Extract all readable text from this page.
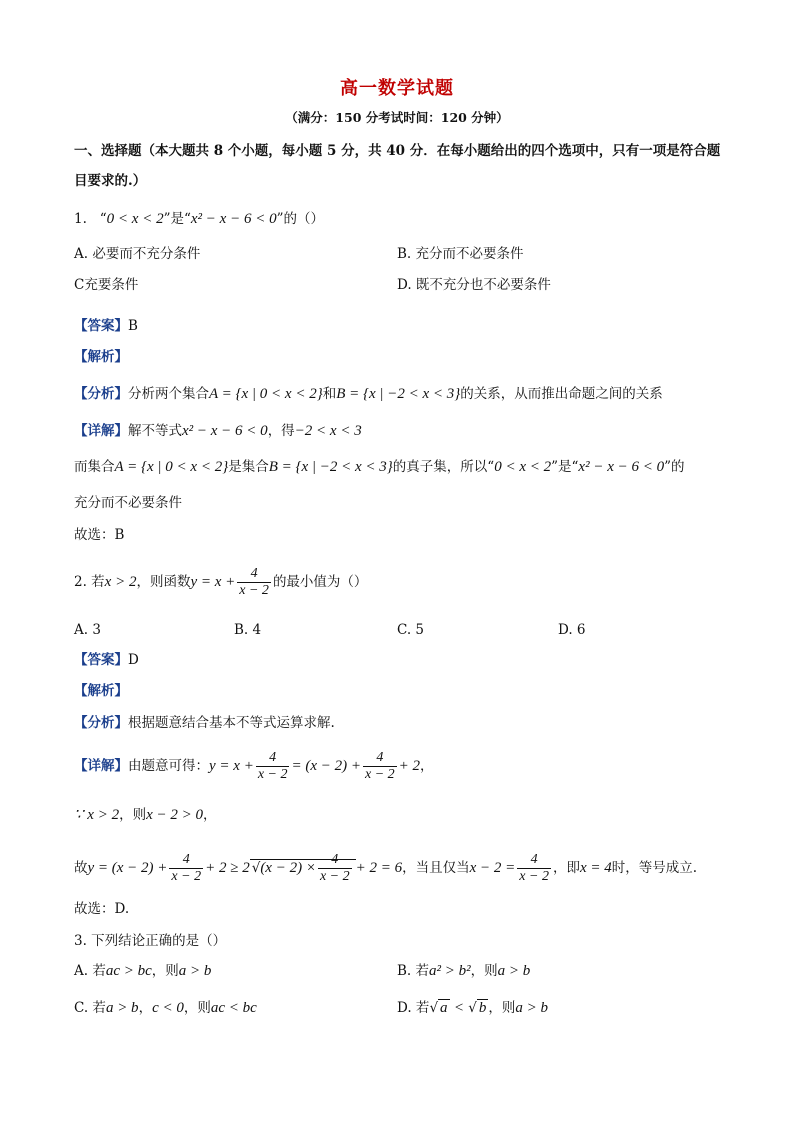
高一数学试题
（满分：150 分考试时间：120 分钟）
一、选择题（本大题共 8 个小题，每小题 5 分，共 40 分．在每小题给出的四个选项中，只有一项是符合题
目要求的.）
1. “0 < x < 2”是“x² − x − 6 < 0”的（）
A. 必要而不充分条件	B. 充分而不必要条件
C充要条件	D. 既不充分也不必要条件
【答案】B
【解析】
【分析】分析两个集合A = {x | 0 < x < 2}和B = {x | −2 < x < 3}的关系，从而推出命题之间的关系
【详解】解不等式x² − x − 6 < 0，得−2 < x < 3
而集合A = {x | 0 < x < 2}是集合B = {x | −2 < x < 3}的真子集，所以“0 < x < 2”是“x² − x − 6 < 0”的
充分而不必要条件
故选：B
2. 若x > 2，则函数$y = x + \frac{4}{x - 2}$ 的最小值为（）
A. 3	B. 4	C. 5	D. 6
【答案】D
【解析】
【分析】根据题意结合基本不等式运算求解.
【详解】由题意可得：$y = x + \frac{4}{x - 2} = (x - 2) + \frac{4}{x - 2} + 2$，
∵ x > 2，则x − 2 > 0，
故$y = (x - 2) + \frac{4}{x - 2} + 2 \ge 2$ $√(x - 2) \times \frac{4}{x - 2} + 2 = 6$，当且仅当$x - 2 = \frac{4}{x - 2}$ ，即x = 4时，等号成立.
故选：D.
3. 下列结论正确的是（）
A. 若ac > bc，则a > b	B. 若a² > b²，则a > b
C. 若a > b，c < 0，则ac < bc	D. 若√ a < √ b ，则a > b
